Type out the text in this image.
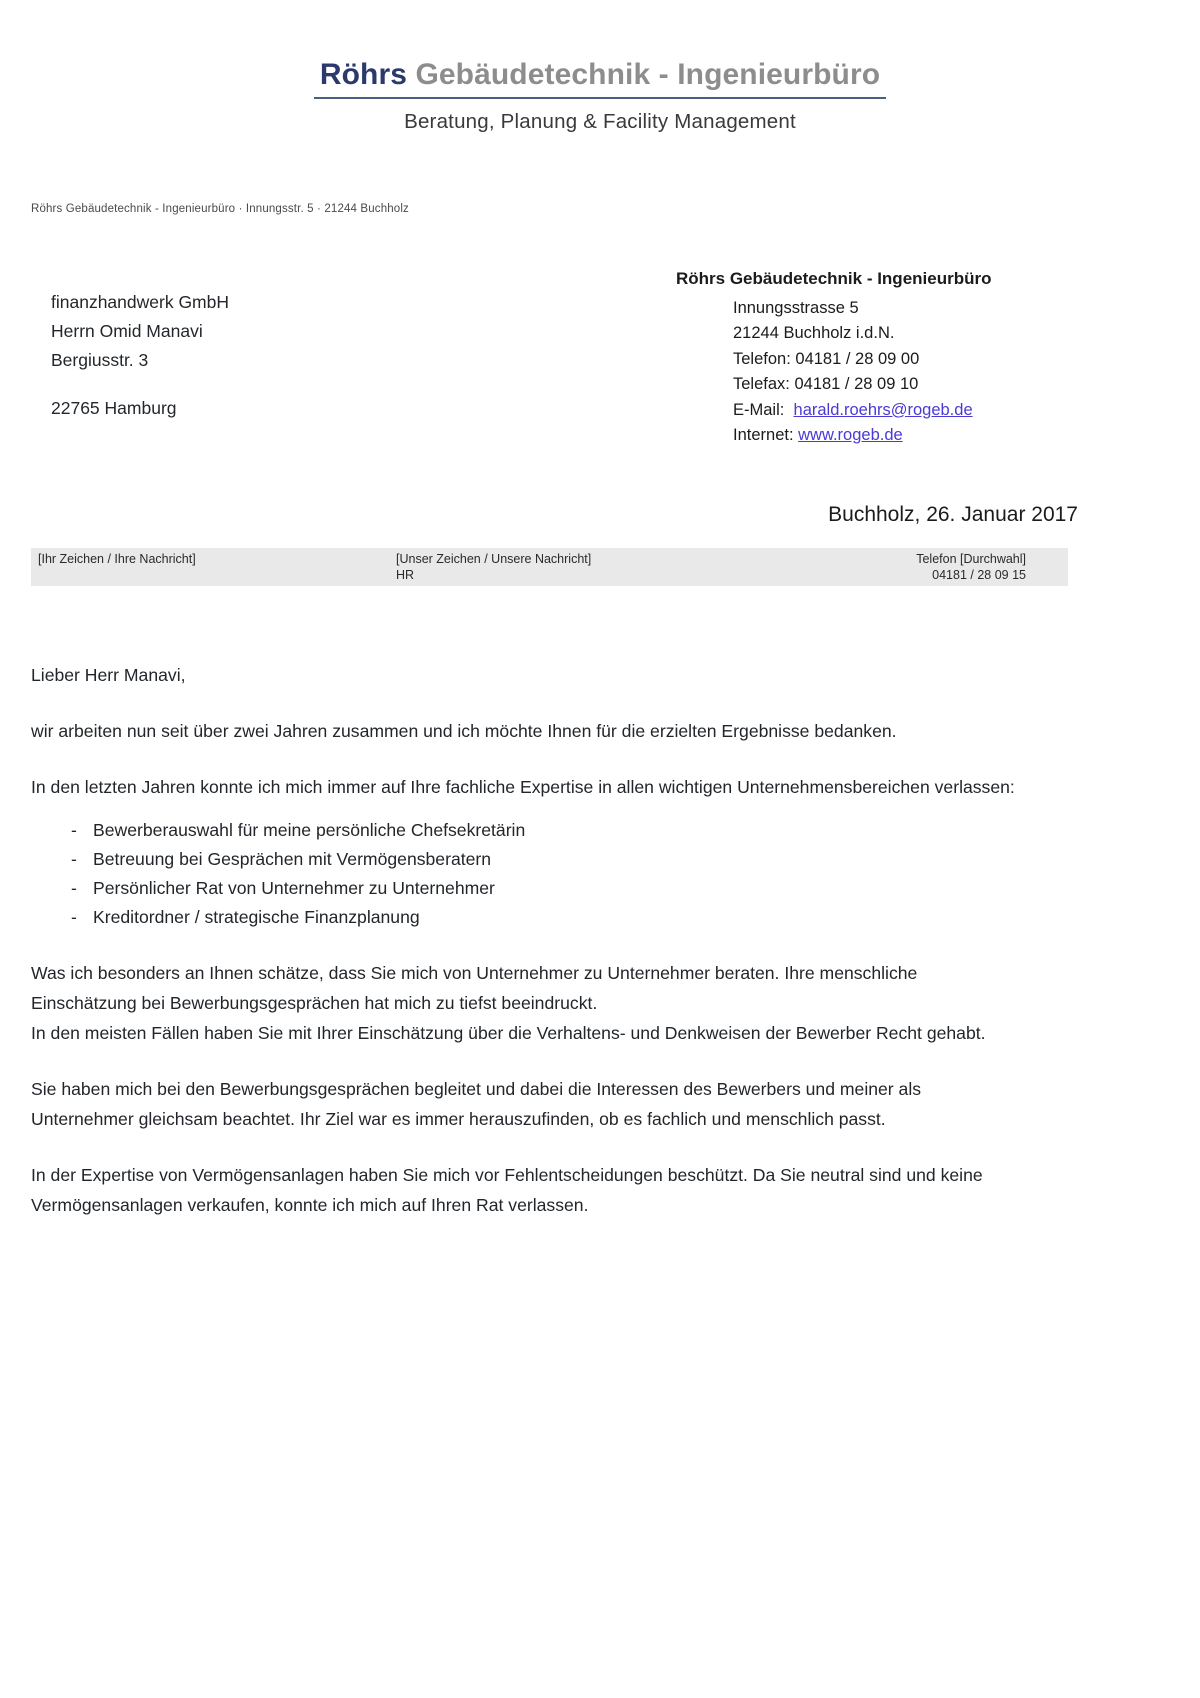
Röhrs Gebäudetechnik - Ingenieurbüro
Beratung, Planung & Facility Management
Röhrs Gebäudetechnik - Ingenieurbüro · Innungsstr. 5 · 21244 Buchholz
finanzhandwerk GmbH
Herrn Omid Manavi
Bergiusstr. 3
22765 Hamburg
Röhrs Gebäudetechnik - Ingenieurbüro
Innungsstrasse 5
21244 Buchholz i.d.N.
Telefon: 04181 / 28 09 00
Telefax: 04181 / 28 09 10
E-Mail: harald.roehrs@rogeb.de
Internet: www.rogeb.de
Buchholz, 26. Januar 2017
[Ihr Zeichen / Ihre Nachricht]	[Unser Zeichen / Unsere Nachricht]
HR
Telefon [Durchwahl]
04181 / 28 09 15

Lieber Herr Manavi,

wir arbeiten nun seit über zwei Jahren zusammen und ich möchte Ihnen für die erzielten Ergebnisse bedanken.

In den letzten Jahren konnte ich mich immer auf Ihre fachliche Expertise in allen wichtigen Unternehmensbereichen verlassen:

- Bewerberauswahl für meine persönliche Chefsekretärin
- Betreuung bei Gesprächen mit Vermögensberatern
- Persönlicher Rat von Unternehmer zu Unternehmer
- Kreditordner / strategische Finanzplanung

Was ich besonders an Ihnen schätze, dass Sie mich von Unternehmer zu Unternehmer beraten. Ihre menschliche Einschätzung bei Bewerbungsgesprächen hat mich zu tiefst beeindruckt.

In den meisten Fällen haben Sie mit Ihrer Einschätzung über die Verhaltens- und Denkweisen der Bewerber Recht gehabt.

Sie haben mich bei den Bewerbungsgesprächen begleitet und dabei die Interessen des Bewerbers und meiner als Unternehmer gleichsam beachtet. Ihr Ziel war es immer herauszufinden, ob es fachlich und menschlich passt.

In der Expertise von Vermögensanlagen haben Sie mich vor Fehlentscheidungen beschützt. Da Sie neutral sind und keine Vermögensanlagen verkaufen, konnte ich mich auf Ihren Rat verlassen.
